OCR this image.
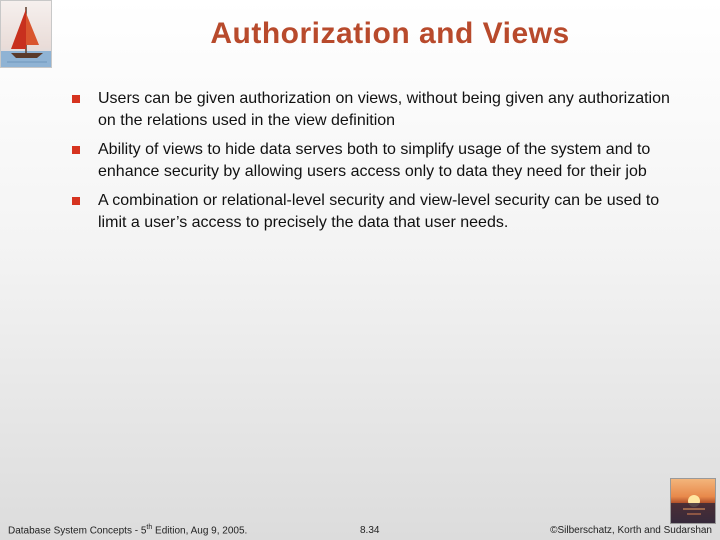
Authorization and Views
Users can be given authorization on views, without being given any authorization on the relations used in the view definition
Ability of views to hide data serves both to simplify usage of the system and to enhance security by allowing users access only to data they need for their job
A combination or relational-level security and view-level security can be used to limit a user’s access to precisely the data that user needs.
Database System Concepts - 5th Edition, Aug 9, 2005.	8.34	©Silberschatz, Korth and Sudarshan
